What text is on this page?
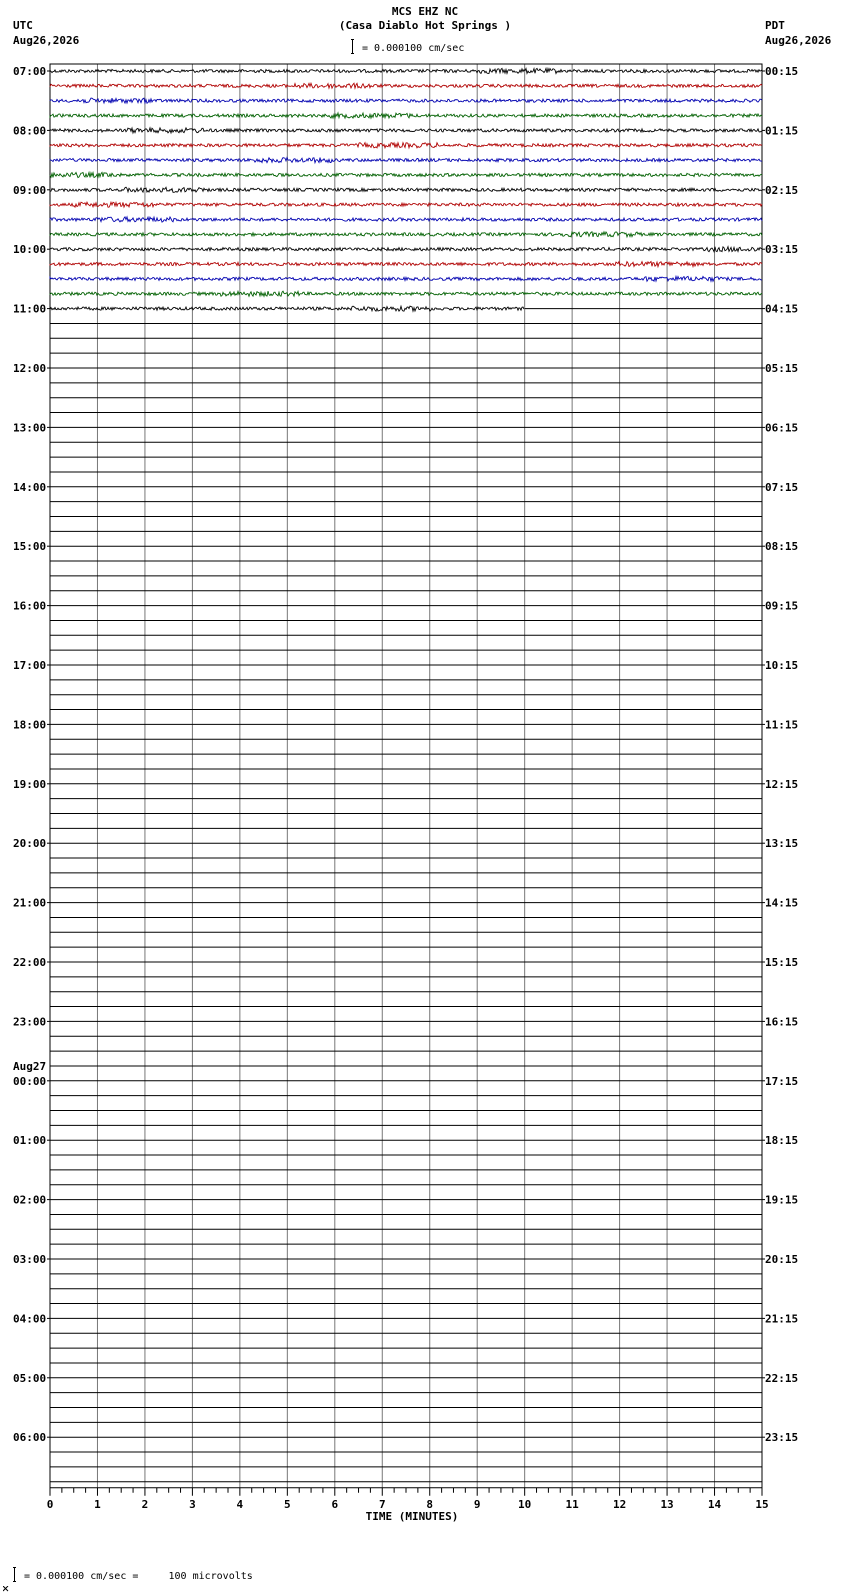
MCS EHZ NC
(Casa Diablo Hot Springs )
= 0.000100 cm/sec
UTC
Aug26,2026
PDT
Aug26,2026
07:00	00:15
08:00	01:15
09:00	02:15
10:00	03:15
11:00	04:15
12:00	05:15
13:00	06:15
14:00	07:15
15:00	08:15
16:00	09:15
17:00	10:15
18:00	11:15
19:00	12:15
20:00	13:15
21:00	14:15
22:00	15:15
23:00	16:15
00:00	17:15
01:00	18:15
02:00	19:15
03:00	20:15
04:00	21:15
05:00	22:15
06:00	23:15
Aug27
0	1	2	3	4	5	6	7	8	9	10	11	12	13	14	15
TIME (MINUTES)
= 0.000100 cm/sec =     100 microvolts
